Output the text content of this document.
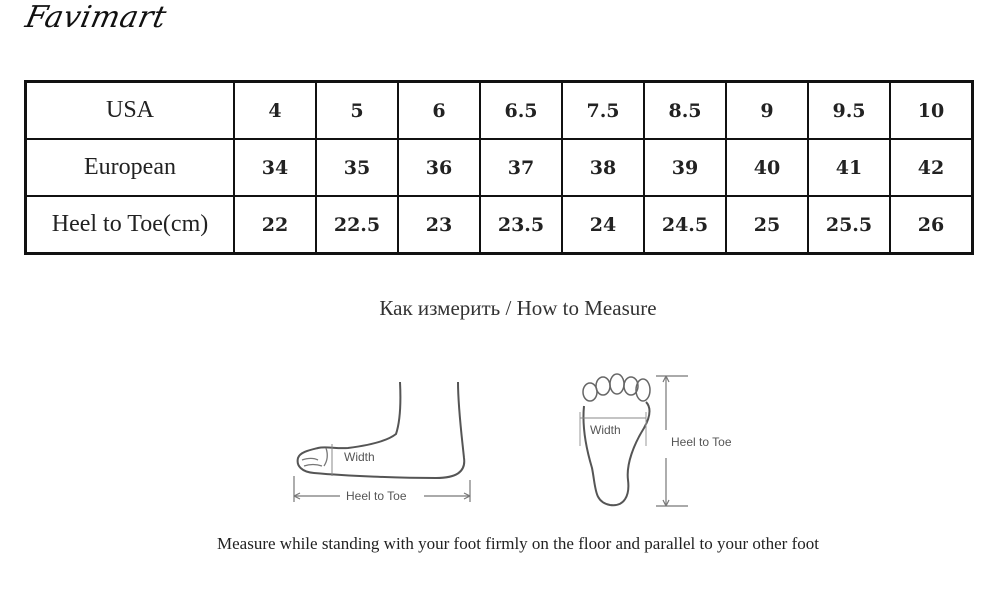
Favimart
USA	4	5	6	6.5	7.5	8.5	9	9.5	10
European	34	35	36	37	38	39	40	41	42
Heel to Toe(cm)	22	22.5	23	23.5	24	24.5	25	25.5	26
Как измерить / How to Measure
Width
Heel to Toe
Width
Heel to Toe
Measure while standing with your foot firmly on the floor and parallel to your other foot
